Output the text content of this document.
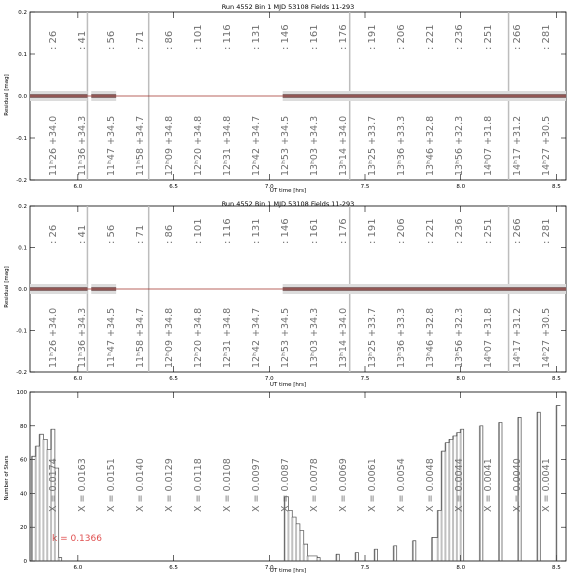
Run 4552 Bin 1 MJD 53108 Fields 11-293
Residual [mag]
UT time [hrs]
6.0	6.5	7.0	7.5	8.0	8.5
-0.2
-0.1
0.0
0.1
0.2
: 26 : 41 : 56 : 71 : 86 : 101 : 116 : 131 : 146 : 161 : 176 : 191 : 206 : 221 : 236 : 251 : 266 : 281
11ʰ26 +34.0 11ʰ36 +34.3 11ʰ47 +34.5 11ʰ58 +34.7 12ʰ09 +34.8 12ʰ20 +34.8 12ʰ31 +34.8 12ʰ42 +34.7 12ʰ53 +34.5 13ʰ03 +34.3 13ʰ14 +34.0 13ʰ25 +33.7 13ʰ36 +33.3 13ʰ46 +32.8 13ʰ56 +32.3 14ʰ07 +31.8 14ʰ17 +31.2 14ʰ27 +30.5
Run 4552 Bin 1 MJD 53108 Fields 11-293
Residual [mag]
UT time [hrs]
6.0	6.5	7.0	7.5	8.0	8.5
-0.2
-0.1
0.0
0.1
0.2
: 26 : 41 : 56 : 71 : 86 : 101 : 116 : 131 : 146 : 161 : 176 : 191 : 206 : 221 : 236 : 251 : 266 : 281
11ʰ26 +34.0 11ʰ36 +34.3 11ʰ47 +34.5 11ʰ58 +34.7 12ʰ09 +34.8 12ʰ20 +34.8 12ʰ31 +34.8 12ʰ42 +34.7 12ʰ53 +34.5 13ʰ03 +34.3 13ʰ14 +34.0 13ʰ25 +33.7 13ʰ36 +33.3 13ʰ46 +32.8 13ʰ56 +32.3 14ʰ07 +31.8 14ʰ17 +31.2 14ʰ27 +30.5
Number of Stars
UT time [hrs]
k = 0.1366
6.0	6.5	7.0	7.5	8.0	8.5
0
20
40
60
80
100
X = 0.0174 X = 0.0163 X = 0.0151 X = 0.0140 X = 0.0129 X = 0.0118 X = 0.0108 X = 0.0097 X = 0.0087 X = 0.0078 X = 0.0069 X = 0.0061 X = 0.0054 X = 0.0048 X = 0.0044 X = 0.0041 X = 0.0040 X = 0.0041
